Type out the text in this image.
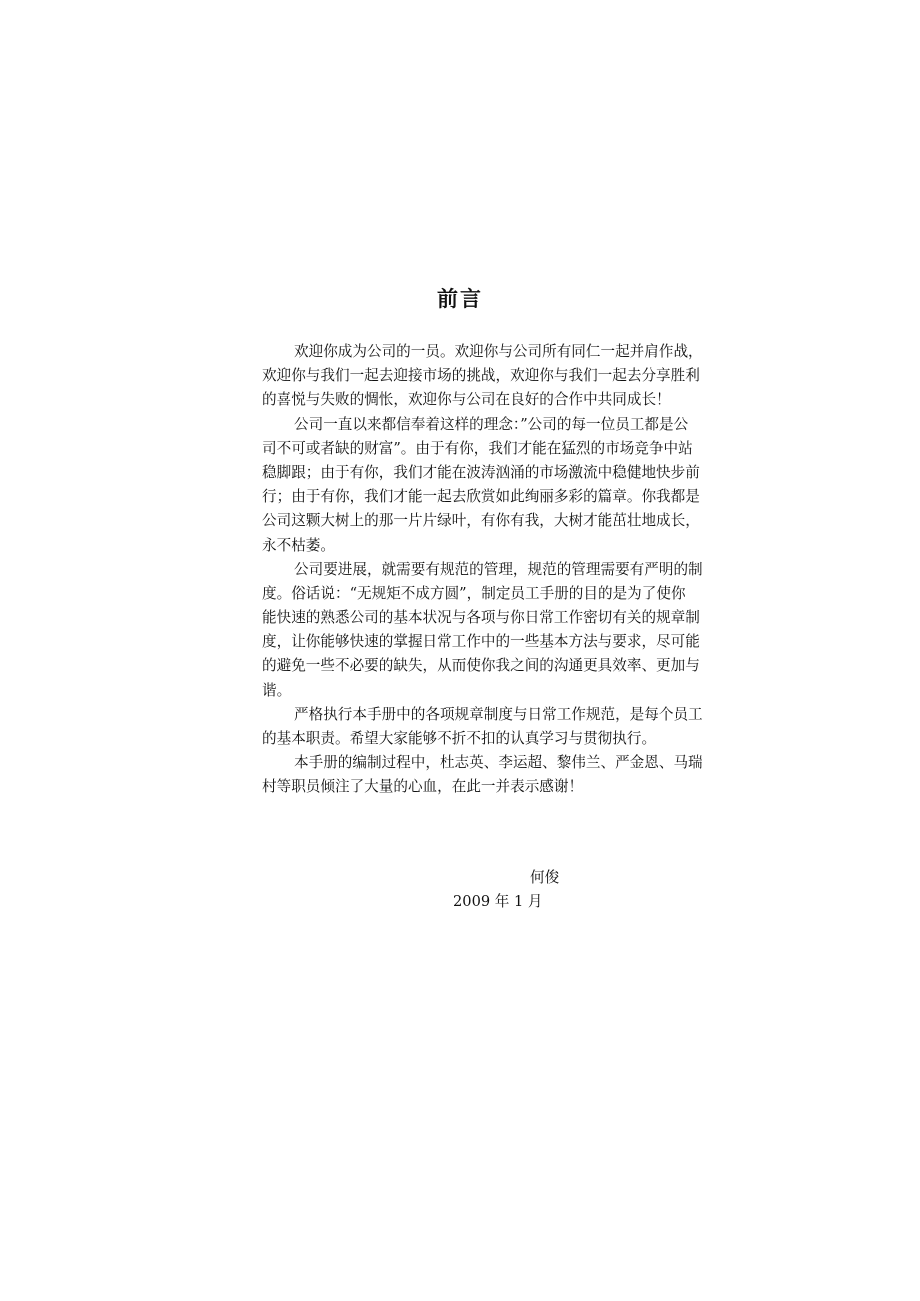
前言
欢迎你成为公司的一员。欢迎你与公司所有同仁一起并肩作战，
欢迎你与我们一起去迎接市场的挑战，欢迎你与我们一起去分享胜利
的喜悦与失败的惆怅，欢迎你与公司在良好的合作中共同成长！
公司一直以来都信奉着这样的理念：”公司的每一位员工都是公
司不可或者缺的财富”。由于有你，我们才能在猛烈的市场竞争中站
稳脚跟；由于有你，我们才能在波涛汹涌的市场激流中稳健地快步前
行；由于有你，我们才能一起去欣赏如此绚丽多彩的篇章。你我都是
公司这颗大树上的那一片片绿叶，有你有我，大树才能茁壮地成长，
永不枯萎。
公司要进展，就需要有规范的管理，规范的管理需要有严明的制
度。俗话说：“无规矩不成方圆”，制定员工手册的目的是为了使你
能快速的熟悉公司的基本状况与各项与你日常工作密切有关的规章制
度，让你能够快速的掌握日常工作中的一些基本方法与要求，尽可能
的避免一些不必要的缺失，从而使你我之间的沟通更具效率、更加与
谐。
严格执行本手册中的各项规章制度与日常工作规范，是每个员工
的基本职责。希望大家能够不折不扣的认真学习与贯彻执行。
本手册的编制过程中，杜志英、李运超、黎伟兰、严金恩、马瑞
村等职员倾注了大量的心血，在此一并表示感谢！
何俊
2009 年 1 月
